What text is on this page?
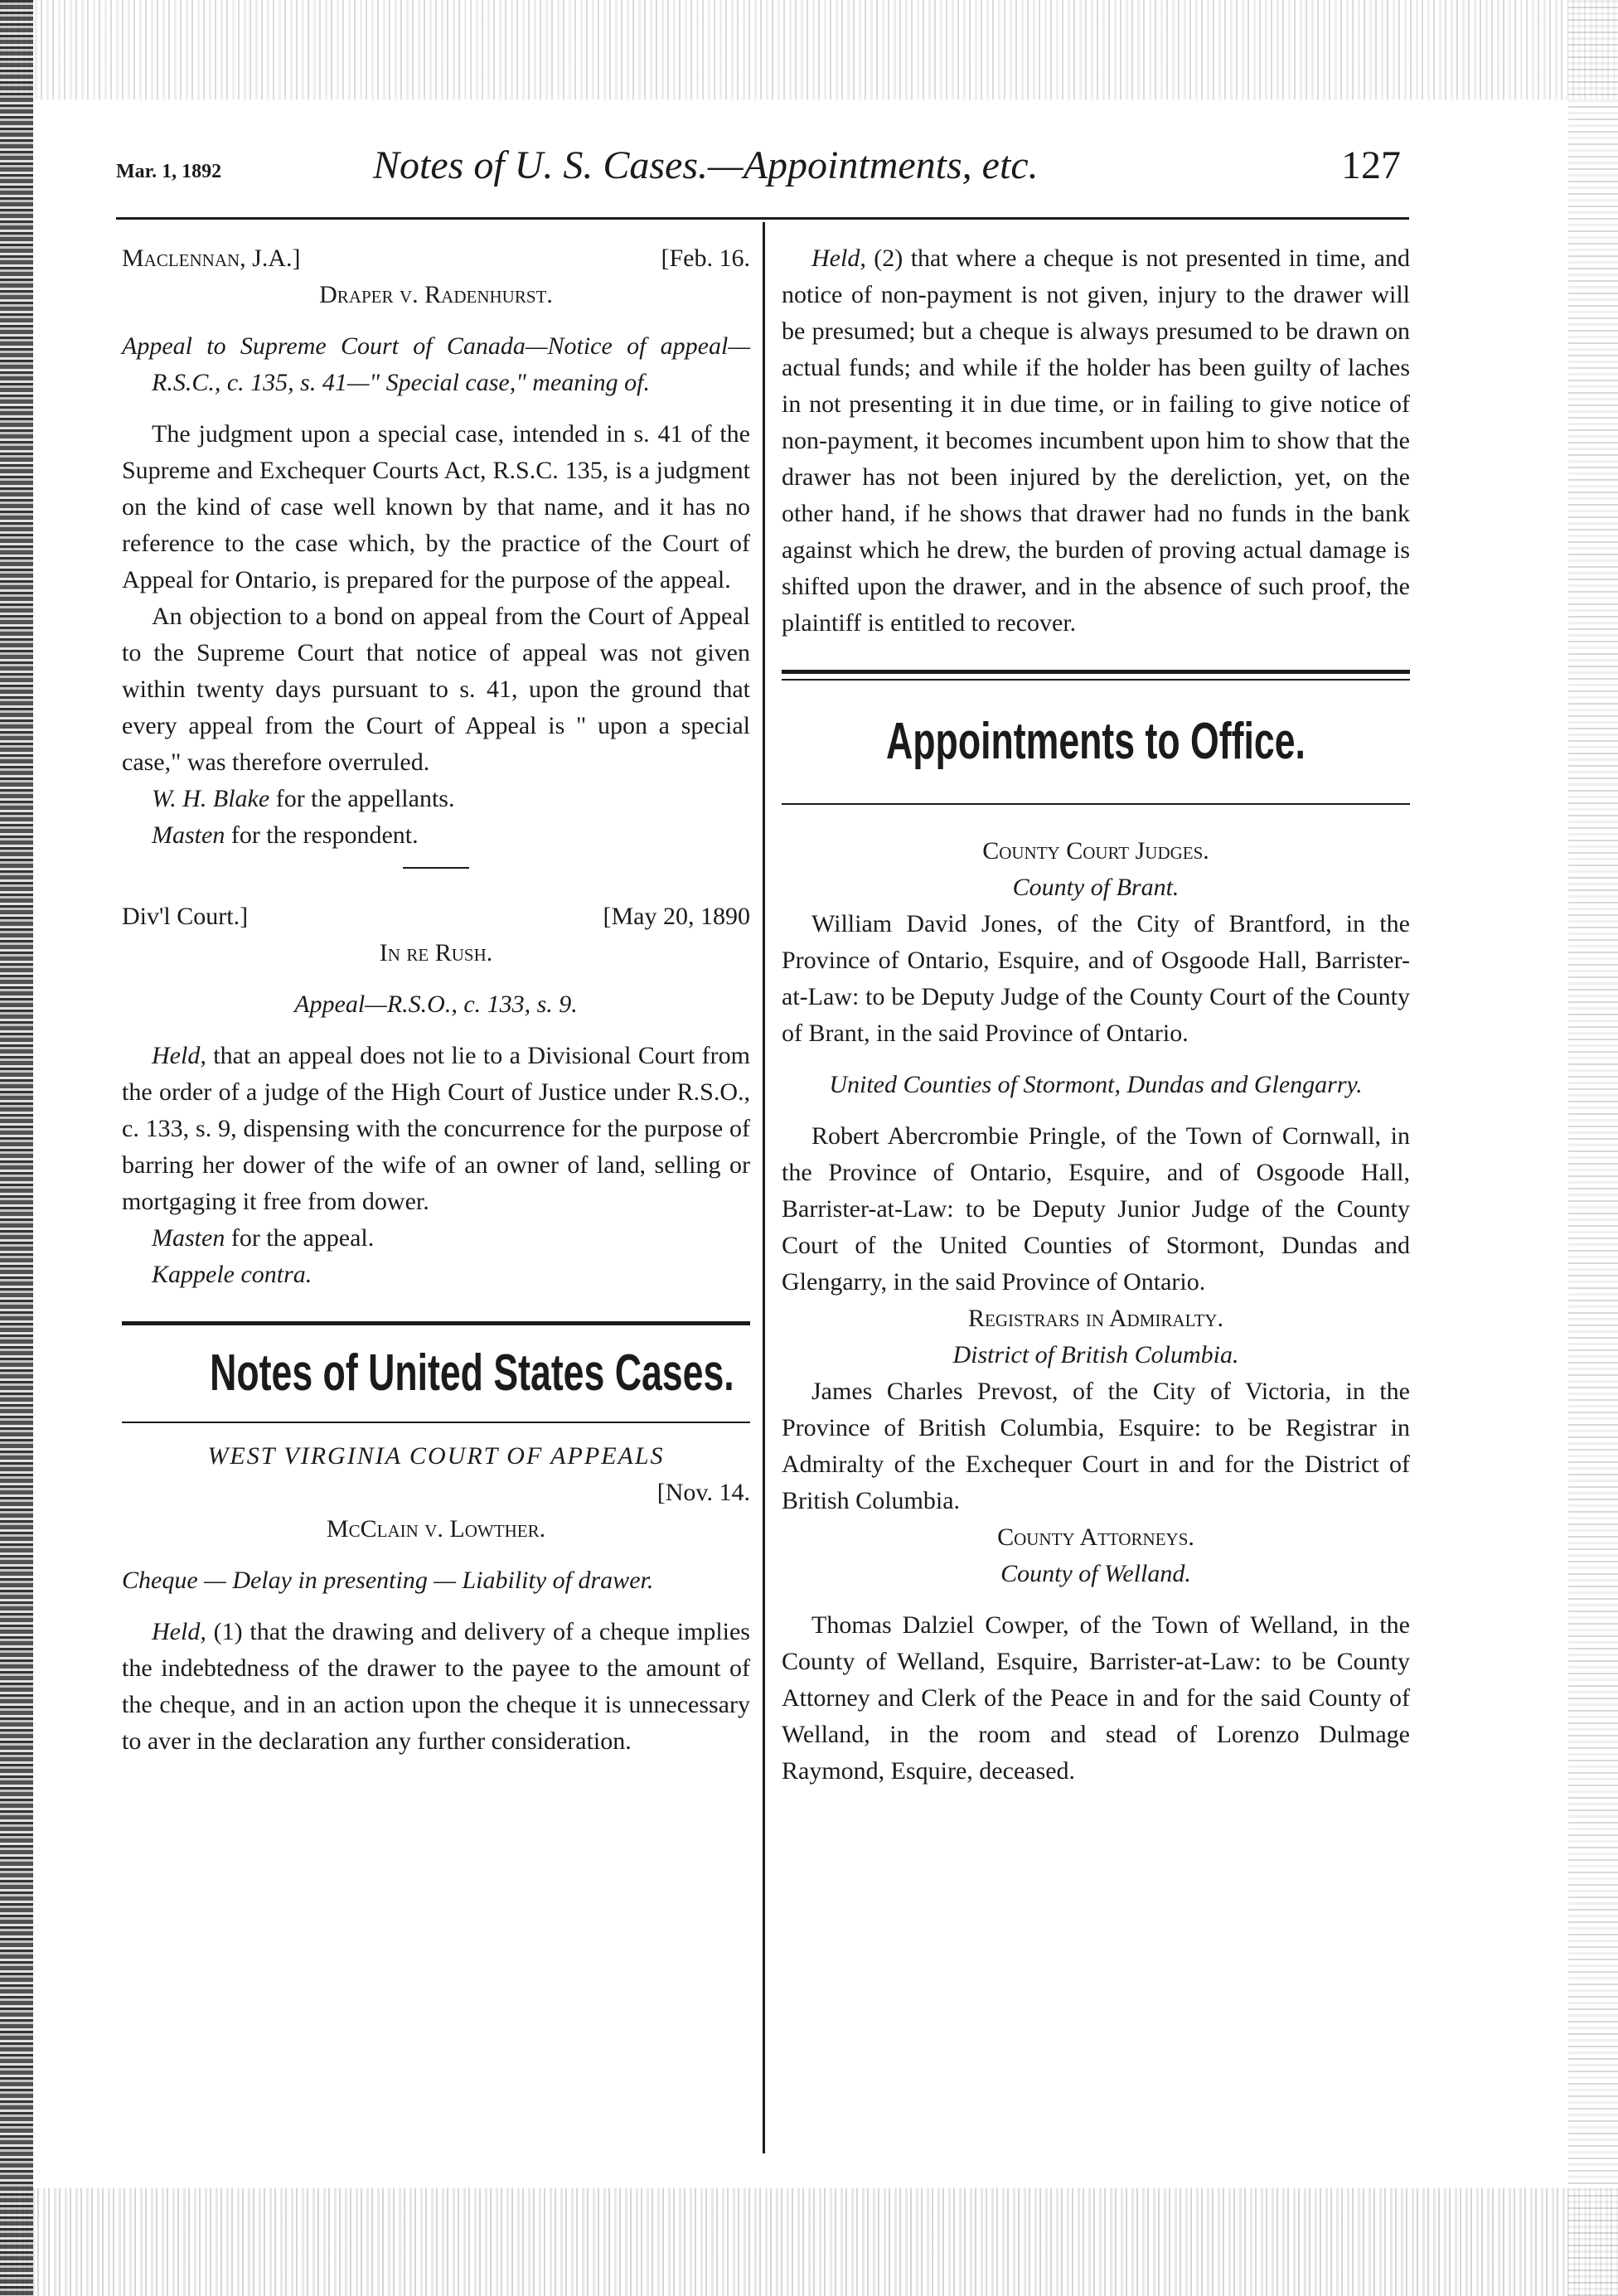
Mar. 1, 1892	Notes of U. S. Cases.—Appointments, etc.	127
Maclennan, J.A.]	[Feb. 16.

Draper v. Radenhurst.

Appeal to Supreme Court of Canada—Notice of appeal—R.S.C., c. 135, s. 41—" Special case," meaning of.

The judgment upon a special case, intended in s. 41 of the Supreme and Exchequer Courts Act, R.S.C. 135, is a judgment on the kind of case well known by that name, and it has no reference to the case which, by the practice of the Court of Appeal for Ontario, is prepared for the purpose of the appeal.

An objection to a bond on appeal from the Court of Appeal to the Supreme Court that notice of appeal was not given within twenty days pursuant to s. 41, upon the ground that every appeal from the Court of Appeal is " upon a special case," was therefore overruled.

W. H. Blake for the appellants.

Masten for the respondent.

Div'l Court.]	[May 20, 1890

In re Rush.

Appeal—R.S.O., c. 133, s. 9.

Held, that an appeal does not lie to a Divisional Court from the order of a judge of the High Court of Justice under R.S.O., c. 133, s. 9, dispensing with the concurrence for the purpose of barring her dower of the wife of an owner of land, selling or mortgaging it free from dower.

Masten for the appeal.

Kappele contra.

Notes of United States Cases.

WEST VIRGINIA COURT OF APPEALS

[Nov. 14.

McClain v. Lowther.

Cheque — Delay in presenting — Liability of drawer.

Held, (1) that the drawing and delivery of a cheque implies the indebtedness of the drawer to the payee to the amount of the cheque, and in an action upon the cheque it is unnecessary to aver in the declaration any further consideration.

Held, (2) that where a cheque is not presented in time, and notice of non-payment is not given, injury to the drawer will be presumed; but a cheque is always presumed to be drawn on actual funds; and while if the holder has been guilty of laches in not presenting it in due time, or in failing to give notice of non-payment, it becomes incumbent upon him to show that the drawer has not been injured by the dereliction, yet, on the other hand, if he shows that drawer had no funds in the bank against which he drew, the burden of proving actual damage is shifted upon the drawer, and in the absence of such proof, the plaintiff is entitled to recover.

Appointments to Office.

County Court Judges.

County of Brant.

William David Jones, of the City of Brantford, in the Province of Ontario, Esquire, and of Osgoode Hall, Barrister-at-Law: to be Deputy Judge of the County Court of the County of Brant, in the said Province of Ontario.

United Counties of Stormont, Dundas and Glengarry.

Robert Abercrombie Pringle, of the Town of Cornwall, in the Province of Ontario, Esquire, and of Osgoode Hall, Barrister-at-Law: to be Deputy Junior Judge of the County Court of the United Counties of Stormont, Dundas and Glengarry, in the said Province of Ontario.

Registrars in Admiralty.

District of British Columbia.

James Charles Prevost, of the City of Victoria, in the Province of British Columbia, Esquire: to be Registrar in Admiralty of the Exchequer Court in and for the District of British Columbia.

County Attorneys.

County of Welland.

Thomas Dalziel Cowper, of the Town of Welland, in the County of Welland, Esquire, Barrister-at-Law: to be County Attorney and Clerk of the Peace in and for the said County of Welland, in the room and stead of Lorenzo Dulmage Raymond, Esquire, deceased.
